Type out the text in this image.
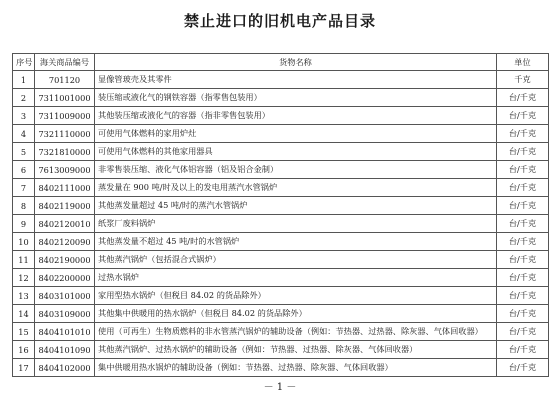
禁止进口的旧机电产品目录
序号	海关商品编号	货物名称	单位
1	701120	显像管玻壳及其零件	千克
2	7311001000	装压缩或液化气的钢铁容器（指零售包装用）	台/千克
3	7311009000	其他装压缩或液化气的容器（指非零售包装用）	台/千克
4	7321110000	可使用气体燃料的家用炉灶	台/千克
5	7321810000	可使用气体燃料的其他家用器具	台/千克
6	7613009000	非零售装压缩、液化气体铝容器（铝及铝合金制）	台/千克
7	8402111000	蒸发量在 900 吨/时及以上的发电用蒸汽水管锅炉	台/千克
8	8402119000	其他蒸发量超过 45 吨/时的蒸汽水管锅炉	台/千克
9	8402120010	纸浆厂废料锅炉	台/千克
10	8402120090	其他蒸发量不超过 45 吨/时的水管锅炉	台/千克
11	8402190000	其他蒸汽锅炉（包括混合式锅炉）	台/千克
12	8402200000	过热水锅炉	台/千克
13	8403101000	家用型热水锅炉（但税目 84.02 的货品除外）	台/千克
14	8403109000	其他集中供暖用的热水锅炉（但税目 84.02 的货品除外）	台/千克
15	8404101010	使用（可再生）生物质燃料的非水管蒸汽锅炉的辅助设备（例如：节热器、过热器、除灰器、气体回收器）	台/千克
16	8404101090	其他蒸汽锅炉、过热水锅炉的辅助设备（例如：节热器、过热器、除灰器、气体回收器）	台/千克
17	8404102000	集中供暖用热水锅炉的辅助设备（例如：节热器、过热器、除灰器、气体回收器）	台/千克
－ 1 －
